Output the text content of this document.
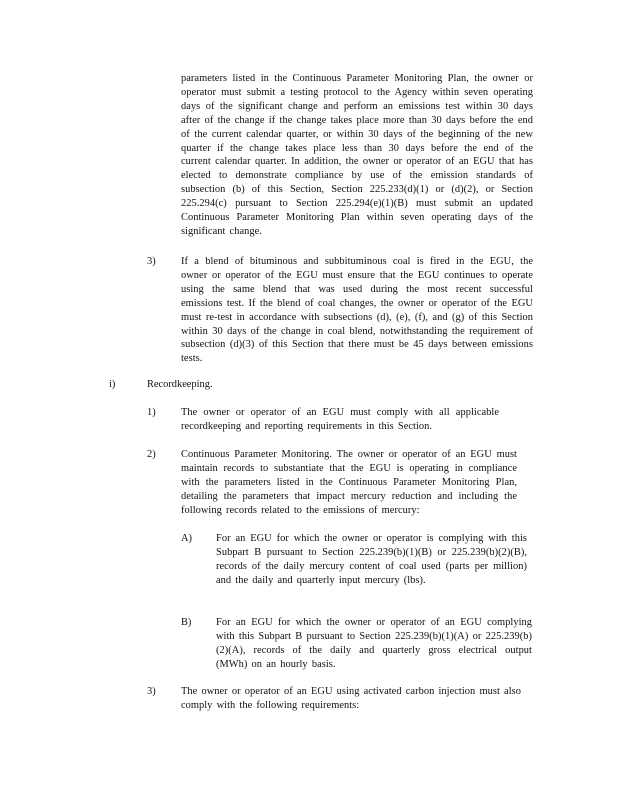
parameters listed in the Continuous Parameter Monitoring Plan, the owner or operator must submit a testing protocol to the Agency within seven operating days of the significant change and perform an emissions test within 30 days after of the change if the change takes place more than 30 days before the end of the current calendar quarter, or within 30 days of the beginning of the new quarter if the change takes place less than 30 days before the end of the current calendar quarter. In addition, the owner or operator of an EGU that has elected to demonstrate compliance by use of the emission standards of subsection (b) of this Section, Section 225.233(d)(1) or (d)(2), or Section 225.294(c) pursuant to Section 225.294(e)(1)(B) must submit an updated Continuous Parameter Monitoring Plan within seven operating days of the significant change.
3) If a blend of bituminous and subbituminous coal is fired in the EGU, the owner or operator of the EGU must ensure that the EGU continues to operate using the same blend that was used during the most recent successful emissions test. If the blend of coal changes, the owner or operator of the EGU must re-test in accordance with subsections (d), (e), (f), and (g) of this Section within 30 days of the change in coal blend, notwithstanding the requirement of subsection (d)(3) of this Section that there must be 45 days between emissions tests.
i)	Recordkeeping.
1) The owner or operator of an EGU must comply with all applicable recordkeeping and reporting requirements in this Section.
2) Continuous Parameter Monitoring. The owner or operator of an EGU must maintain records to substantiate that the EGU is operating in compliance with the parameters listed in the Continuous Parameter Monitoring Plan, detailing the parameters that impact mercury reduction and including the following records related to the emissions of mercury:
A) For an EGU for which the owner or operator is complying with this Subpart B pursuant to Section 225.239(b)(1)(B) or 225.239(b)(2)(B), records of the daily mercury content of coal used (parts per million) and the daily and quarterly input mercury (lbs).
B) For an EGU for which the owner or operator of an EGU complying with this Subpart B pursuant to Section 225.239(b)(1)(A) or 225.239(b)(2)(A), records of the daily and quarterly gross electrical output (MWh) on an hourly basis.
3) The owner or operator of an EGU using activated carbon injection must also comply with the following requirements:
